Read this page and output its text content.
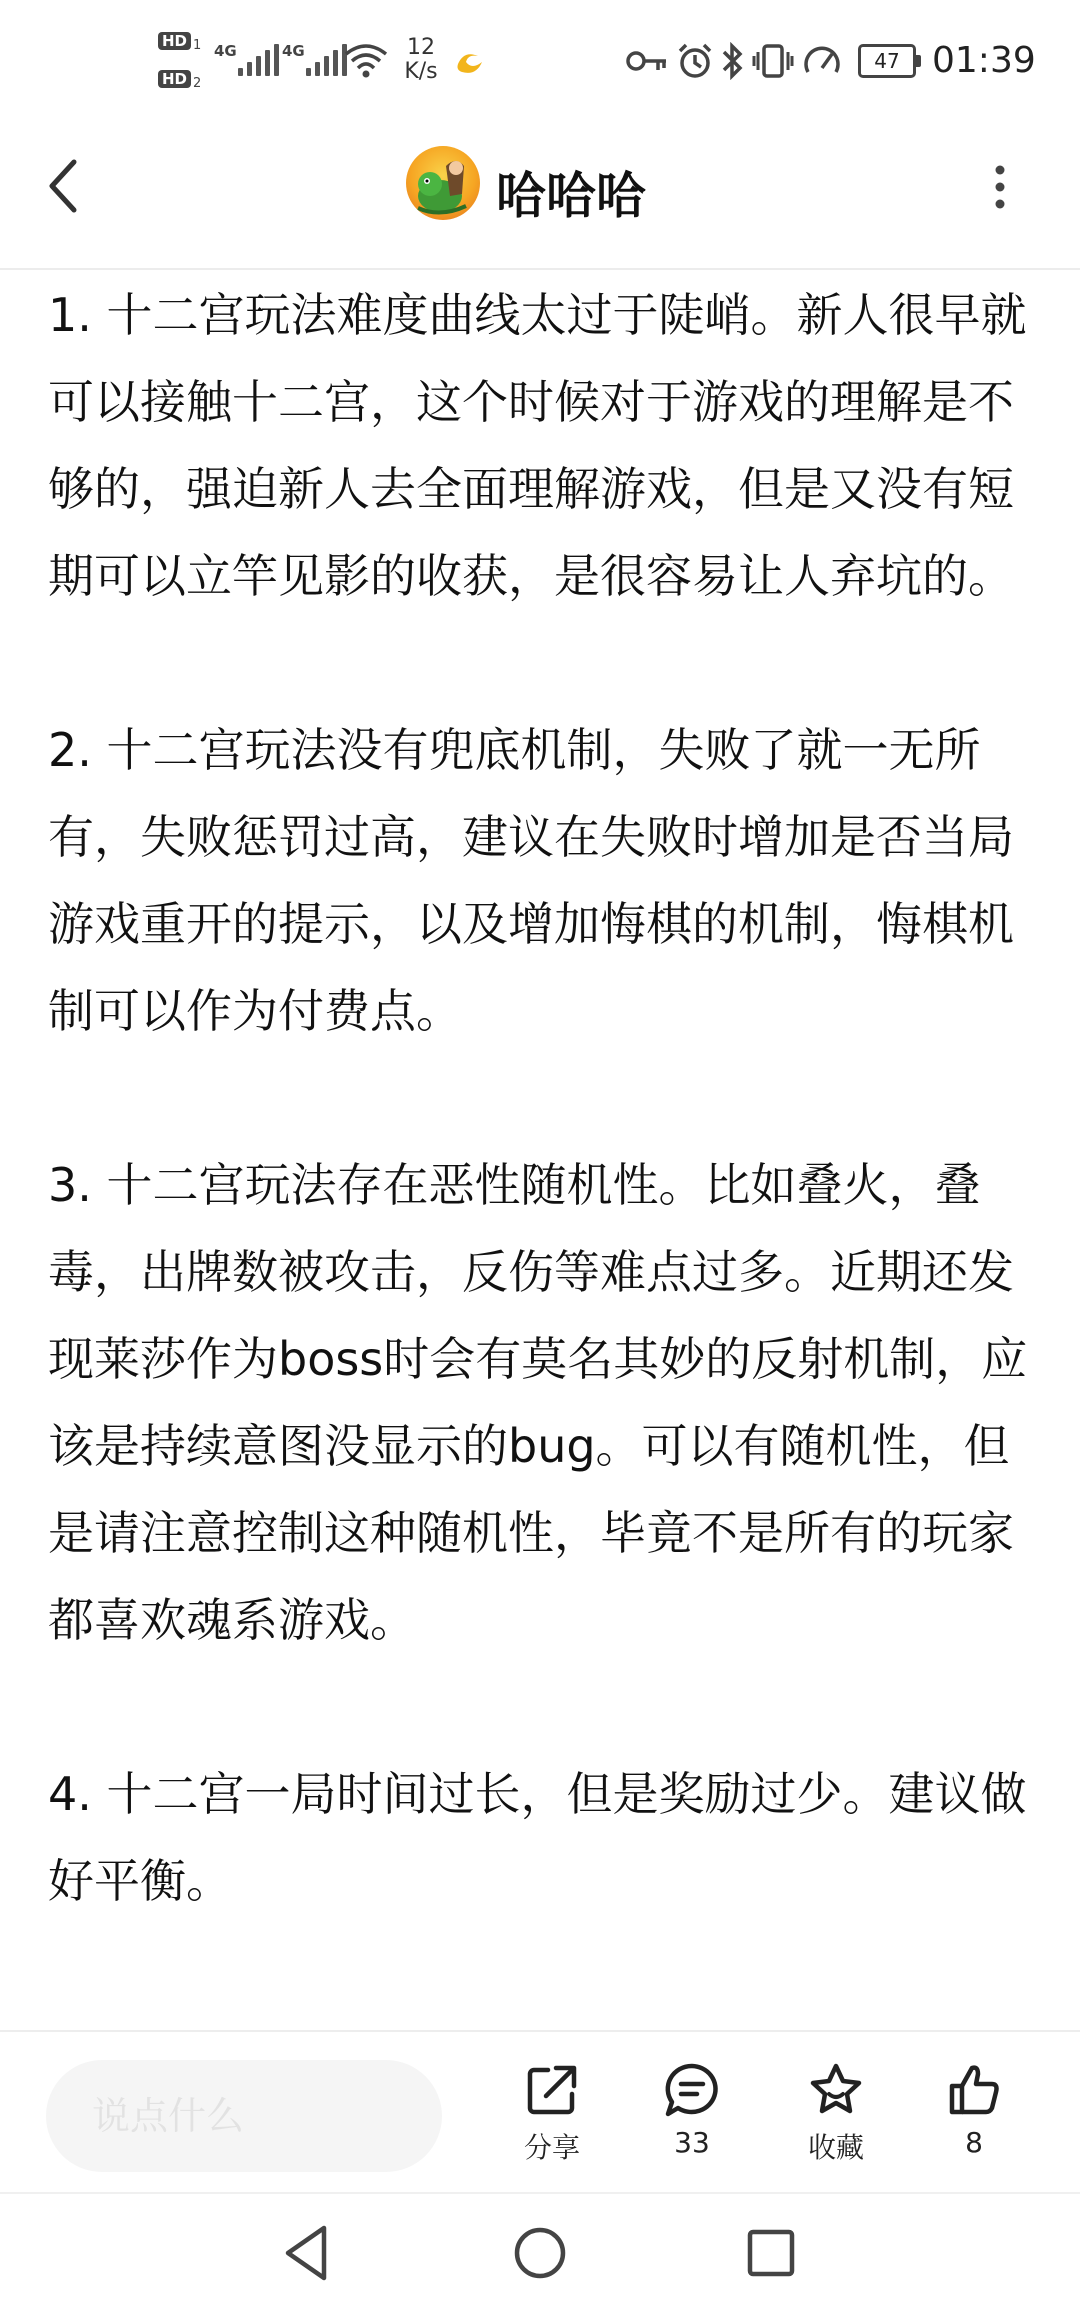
HD 1
HD 2
4G	4G	12
K/s	47 01:39
哈哈哈

1. 十二宫玩法难度曲线太过于陡峭。新人很早就可以接触十二宫，这个时候对于游戏的理解是不够的，强迫新人去全面理解游戏，但是又没有短期可以立竿见影的收获，是很容易让人弃坑的。

2. 十二宫玩法没有兜底机制，失败了就一无所有，失败惩罚过高，建议在失败时增加是否当局游戏重开的提示，以及增加悔棋的机制，悔棋机制可以作为付费点。

3. 十二宫玩法存在恶性随机性。比如叠火，叠毒，出牌数被攻击，反伤等难点过多。近期还发现莱莎作为boss时会有莫名其妙的反射机制，应该是持续意图没显示的bug。可以有随机性，但是请注意控制这种随机性，毕竟不是所有的玩家都喜欢魂系游戏。

4. 十二宫一局时间过长，但是奖励过少。建议做好平衡。

说点什么
分享	33	收藏	8
